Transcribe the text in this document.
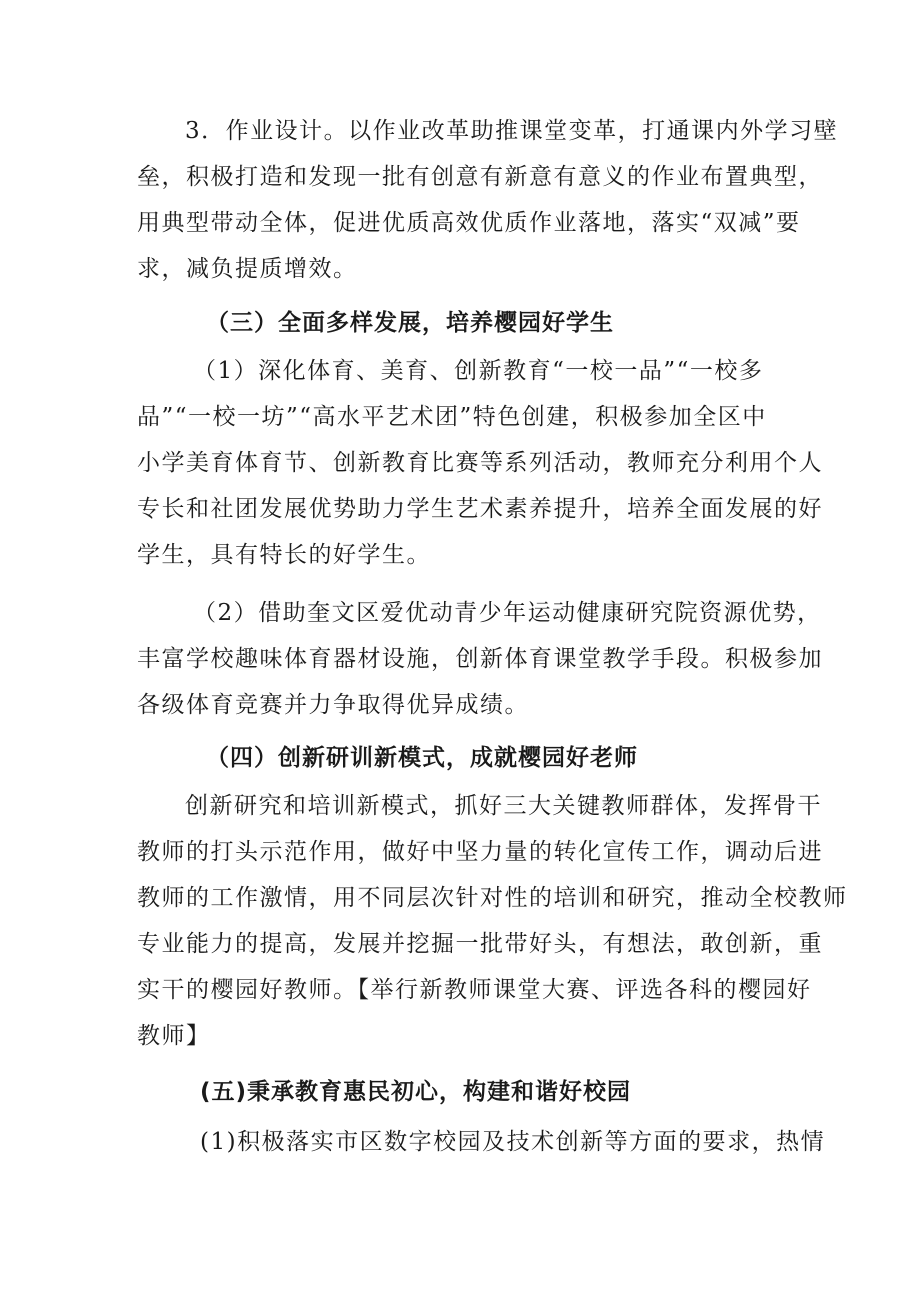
3．作业设计。以作业改革助推课堂变革，打通课内外学习壁
垒，积极打造和发现一批有创意有新意有意义的作业布置典型，
用典型带动全体，促进优质高效优质作业落地，落实“双减”要
求，减负提质增效。
（三）全面多样发展，培养樱园好学生
（1）深化体育、美育、创新教育“一校一品”“一校多
品”“一校一坊”“高水平艺术团”特色创建，积极参加全区中
小学美育体育节、创新教育比赛等系列活动，教师充分利用个人
专长和社团发展优势助力学生艺术素养提升，培养全面发展的好
学生，具有特长的好学生。
（2）借助奎文区爱优动青少年运动健康研究院资源优势，
丰富学校趣味体育器材设施，创新体育课堂教学手段。积极参加
各级体育竞赛并力争取得优异成绩。
（四）创新研训新模式，成就樱园好老师
创新研究和培训新模式，抓好三大关键教师群体，发挥骨干
教师的打头示范作用，做好中坚力量的转化宣传工作，调动后进
教师的工作激情，用不同层次针对性的培训和研究，推动全校教师
专业能力的提高，发展并挖掘一批带好头，有想法，敢创新，重
实干的樱园好教师。【举行新教师课堂大赛、评选各科的樱园好
教师】
(五)秉承教育惠民初心，构建和谐好校园
(1)积极落实市区数字校园及技术创新等方面的要求，热情
